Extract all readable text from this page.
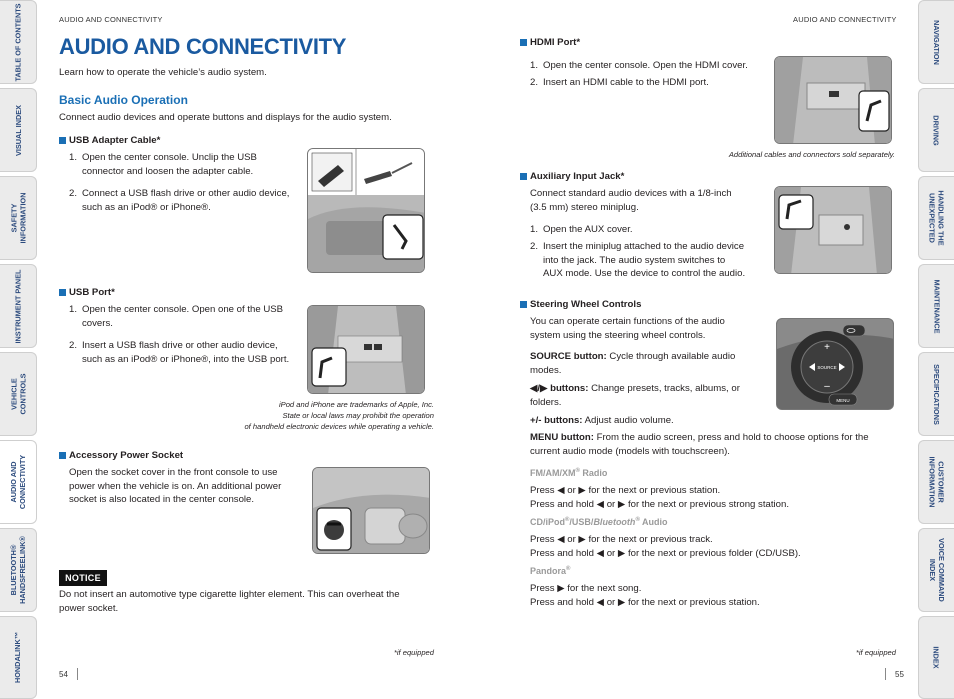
TABLE OF CONTENTS
VISUAL INDEX
SAFETY
INFORMATION
INSTRUMENT PANEL
VEHICLE
CONTROLS
AUDIO AND
CONNECTIVITY
BLUETOOTH®
HANDSFREELINK®
HONDALINK™
NAVIGATION
DRIVING
HANDLING THE
UNEXPECTED
MAINTENANCE
SPECIFICATIONS
CUSTOMER
INFORMATION
VOICE COMMAND
INDEX
INDEX
AUDIO AND CONNECTIVITY
AUDIO AND CONNECTIVITY
Learn how to operate the vehicle’s audio system.
Basic Audio Operation
Connect audio devices and operate buttons and displays for the audio system.
USB Adapter Cable*
1. Open the center console. Unclip the USB
connector and loosen the adapter cable.
2. Connect a USB flash drive or other audio device,
such as an iPod® or iPhone®.
USB Port*
1. Open the center console. Open one of the USB
covers.
2. Insert a USB flash drive or other audio device,
such as an iPod® or iPhone®, into the USB port.
iPod and iPhone are trademarks of Apple, Inc.
State or local laws may prohibit the operation
of handheld electronic devices while operating a vehicle.
Accessory Power Socket
Open the socket cover in the front console to use
power when the vehicle is on. An additional power
socket is also located in the center console.
NOTICE
Do not insert an automotive type cigarette lighter element. This can overheat the
power socket.
*if equipped
54
AUDIO AND CONNECTIVITY
HDMI Port*
1. Open the center console. Open the HDMI cover.
2. Insert an HDMI cable to the HDMI port.
Additional cables and connectors sold separately.
Auxiliary Input Jack*
Connect standard audio devices with a 1/8-inch
(3.5 mm) stereo miniplug.
1. Open the AUX cover.
2. Insert the miniplug attached to the audio device
into the jack. The audio system switches to
AUX mode. Use the device to control the audio.
Steering Wheel Controls
You can operate certain functions of the audio
system using the steering wheel controls.
SOURCE button: Cycle through available audio
modes.
◀/▶ buttons: Change presets, tracks, albums, or
folders.
+/- buttons: Adjust audio volume.
MENU button: From the audio screen, press and hold to choose options for the
current audio mode (models with touchscreen).
+
–
SOURCE
MENU
FM/AM/XM® Radio
Press ◀ or ▶ for the next or previous station.
Press and hold ◀ or ▶ for the next or previous strong station.
CD/iPod®/USB/Bluetooth® Audio
Press ◀ or ▶ for the next or previous track.
Press and hold ◀ or ▶ for the next or previous folder (CD/USB).
Pandora®
Press ▶ for the next song.
Press and hold ◀ or ▶ for the next or previous station.
*if equipped
55
